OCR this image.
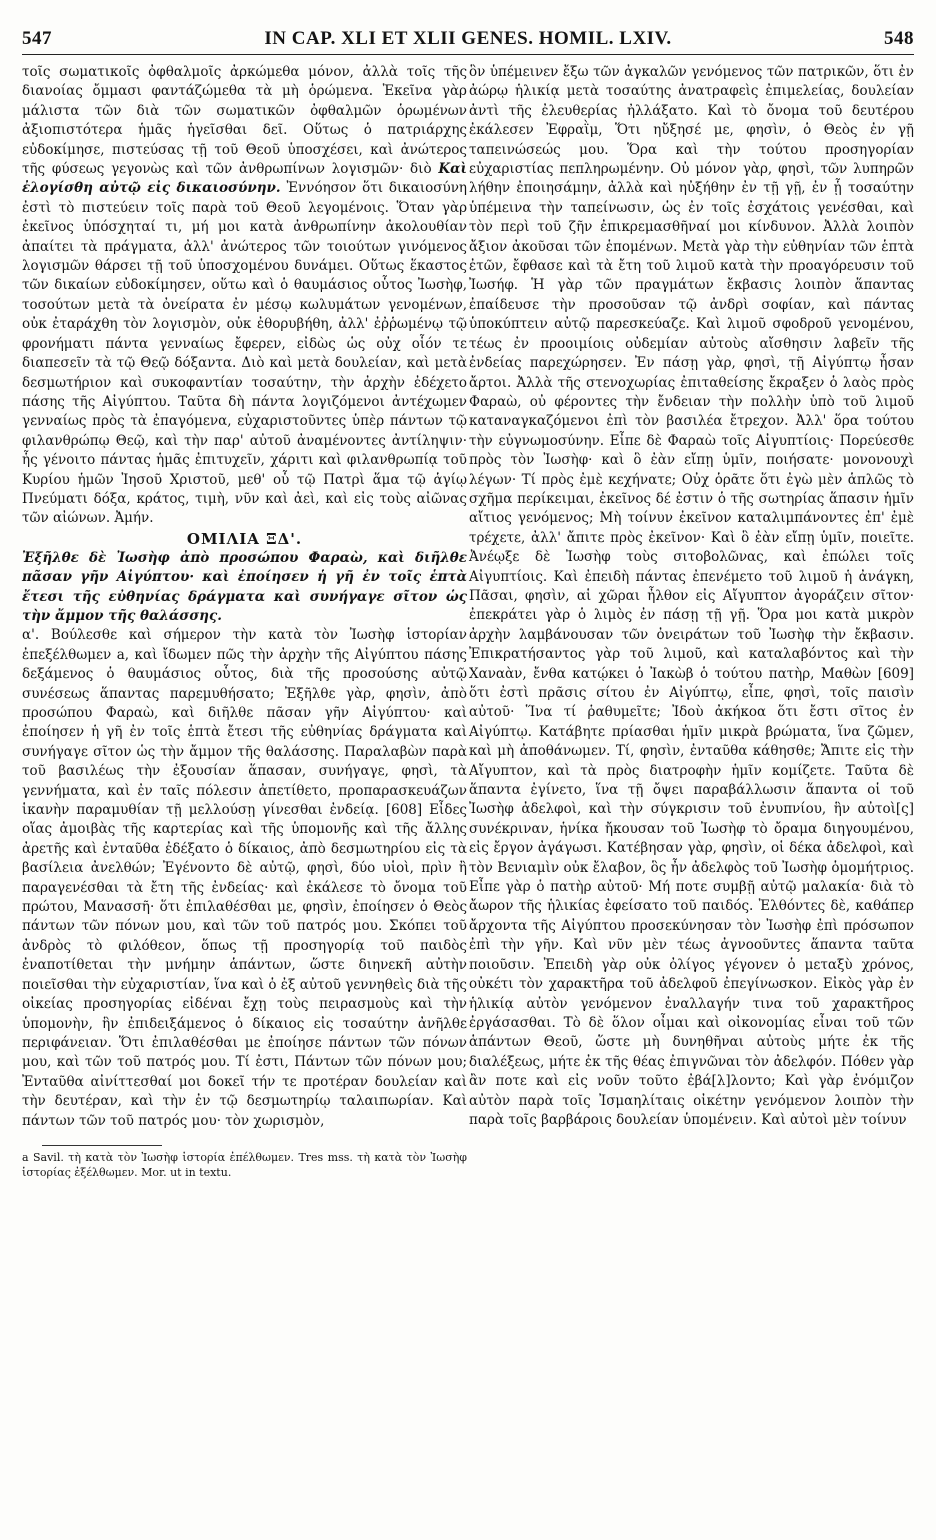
547	IN CAP. XLI ET XLII GENES. HOMIL. LXIV.	548

τοῖς σωματικοῖς ὀφθαλμοῖς ἀρκώμεθα μόνον, ἀλλὰ τοῖς τῆς διανοίας ὄμμασι φαντάζώμεθα τὰ μὴ ὁρώμενα. Ἐκεῖνα γὰρ μάλιστα τῶν διὰ τῶν σωματικῶν ὀφθαλμῶν ὁρωμένων ἀξιοπιστότερα ἡμᾶς ἡγεῖσθαι δεῖ. Οὕτως ὁ πατριάρχης εὐδοκίμησε, πιστεύσας τῇ τοῦ Θεοῦ ὑποσχέσει, καὶ ἀνώτερος τῆς φύσεως γεγονὼς καὶ τῶν ἀνθρωπίνων λογισμῶν· διὸ Καὶ ἐλογίσθη αὐτῷ εἰς δικαιοσύνην. Ἐννόησον ὅτι δικαιοσύνη ἐστὶ τὸ πιστεύειν τοῖς παρὰ τοῦ Θεοῦ λεγομένοις. Ὅταν γὰρ ἐκεῖνος ὑπόσχηταί τι, μή μοι κατὰ ἀνθρωπίνην ἀκολουθίαν ἀπαίτει τὰ πράγματα, ἀλλ' ἀνώτερος τῶν τοιούτων γινόμενος λογισμῶν θάρσει τῇ τοῦ ὑποσχομένου δυνάμει. Οὕτως ἕκαστος τῶν δικαίων εὐδοκίμησεν, οὕτω καὶ ὁ θαυμάσιος οὗτος Ἰωσὴφ, τοσούτων μετὰ τὰ ὀνείρατα ἐν μέσῳ κωλυμάτων γενομένων, οὐκ ἐταράχθη τὸν λογισμὸν, οὐκ ἐθορυβήθη, ἀλλ' ἐῤῥωμένῳ τῷ φρονήματι πάντα γενναίως ἔφερεν, εἰδὼς ὡς οὐχ οἷόν τε διαπεσεῖν τὰ τῷ Θεῷ δόξαντα. Διὸ καὶ μετὰ δουλείαν, καὶ μετὰ δεσμωτήριον καὶ συκοφαντίαν τοσαύτην, τὴν ἀρχὴν ἐδέχετο πάσης τῆς Αἰγύπτου. Ταῦτα δὴ πάντα λογιζόμενοι ἀντέχωμεν γενναίως πρὸς τὰ ἐπαγόμενα, εὐχαριστοῦντες ὑπὲρ πάντων τῷ φιλανθρώπῳ Θεῷ, καὶ τὴν παρ' αὐτοῦ ἀναμένοντες ἀντίληψιν· ἧς γένοιτο πάντας ἡμᾶς ἐπιτυχεῖν, χάριτι καὶ φιλανθρωπίᾳ τοῦ Κυρίου ἡμῶν Ἰησοῦ Χριστοῦ, μεθ' οὗ τῷ Πατρὶ ἅμα τῷ ἁγίῳ Πνεύματι δόξα, κράτος, τιμὴ, νῦν καὶ ἀεὶ, καὶ εἰς τοὺς αἰῶνας τῶν αἰώνων. Ἀμήν.

ΟΜΙΛΙΑ ΞΔ'.

Ἐξῆλθε δὲ Ἰωσὴφ ἀπὸ προσώπου Φαραὼ, καὶ διῆλθε πᾶσαν γῆν Αἰγύπτου· καὶ ἐποίησεν ἡ γῆ ἐν τοῖς ἑπτὰ ἔτεσι τῆς εὐθηνίας δράγματα καὶ συνήγαγε σῖτον ὡς τὴν ἄμμον τῆς θαλάσσης.

α'. Βούλεσθε καὶ σήμερον τὴν κατὰ τὸν Ἰωσὴφ ἱστορίαν ἐπεξέλθωμεν a, καὶ ἴδωμεν πῶς τὴν ἀρχὴν τῆς Αἰγύπτου πάσης δεξάμενος ὁ θαυμάσιος οὗτος, διὰ τῆς προσούσης αὐτῷ συνέσεως ἅπαντας παρεμυθήσατο; Ἐξῆλθε γὰρ, φησὶν, ἀπὸ προσώπου Φαραὼ, καὶ διῆλθε πᾶσαν γῆν Αἰγύπτου· καὶ ἐποίησεν ἡ γῆ ἐν τοῖς ἑπτὰ ἔτεσι τῆς εὐθηνίας δράγματα καὶ συνήγαγε σῖτον ὡς τὴν ἄμμον τῆς θαλάσσης. Παραλαβὼν παρὰ τοῦ βασιλέως τὴν ἐξουσίαν ἅπασαν, συνήγαγε, φησὶ, τὰ γεννήματα, καὶ ἐν ταῖς πόλεσιν ἀπετίθετο, προπαρασκευάζων ἱκανὴν παραμυθίαν τῇ μελλούσῃ γίνεσθαι ἐνδείᾳ. [608] Εἶδες οἵας ἀμοιβὰς τῆς καρτερίας καὶ τῆς ὑπομονῆς καὶ τῆς ἄλλης ἀρετῆς καὶ ἐνταῦθα ἐδέξατο ὁ δίκαιος, ἀπὸ δεσμωτηρίου εἰς τὰ βασίλεια ἀνελθών; Ἐγένοντο δὲ αὐτῷ, φησὶ, δύο υἱοὶ, πρὶν ἢ παραγενέσθαι τὰ ἔτη τῆς ἐνδείας· καὶ ἐκάλεσε τὸ ὄνομα τοῦ πρώτου, Μανασσῆ· ὅτι ἐπιλαθέσθαι με, φησὶν, ἐποίησεν ὁ Θεὸς πάντων τῶν πόνων μου, καὶ τῶν τοῦ πατρός μου. Σκόπει τοῦ ἀνδρὸς τὸ φιλόθεον, ὅπως τῇ προσηγορίᾳ τοῦ παιδὸς ἐναποτίθεται τὴν μνήμην ἁπάντων, ὥστε διηνεκῆ αὐτὴν ποιεῖσθαι τὴν εὐχαριστίαν, ἵνα καὶ ὁ ἐξ αὐτοῦ γεννηθεὶς διὰ τῆς οἰκείας προσηγορίας εἰδέναι ἔχῃ τοὺς πειρασμοὺς καὶ τὴν ὑπομονὴν, ἣν ἐπιδειξάμενος ὁ δίκαιος εἰς τοσαύτην ἀνῆλθε περιφάνειαν. Ὅτι ἐπιλαθέσθαι με ἐποίησε πάντων τῶν πόνων μου, καὶ τῶν τοῦ πατρός μου. Τί ἐστι, Πάντων τῶν πόνων μου; Ἐνταῦθα αἰνίττεσθαί μοι δοκεῖ τήν τε προτέραν δουλείαν καὶ τὴν δευτέραν, καὶ τὴν ἐν τῷ δεσμωτηρίῳ ταλαιπωρίαν. Καὶ πάντων τῶν τοῦ πατρός μου· τὸν χωρισμὸν,

a Savil. τὴ κατὰ τὸν Ἰωσὴφ ἱστορία ἐπέλθωμεν. Tres mss. τὴ κατὰ τὸν Ἰωσὴφ ἱστορίας ἐξέλθωμεν. Mor. ut in textu.

ὃν ὑπέμεινεν ἔξω τῶν ἀγκαλῶν γενόμενος τῶν πατρικῶν, ὅτι ἐν ἀώρῳ ἡλικίᾳ μετὰ τοσαύτης ἀνατραφεὶς ἐπιμελείας, δουλείαν ἀντὶ τῆς ἐλευθερίας ἠλλάξατο. Καὶ τὸ ὄνομα τοῦ δευτέρου ἐκάλεσεν Ἐφραῒμ, Ὅτι ηὔξησέ με, φησὶν, ὁ Θεὸς ἐν γῇ ταπεινώσεώς μου. Ὅρα καὶ τὴν τούτου προσηγορίαν εὐχαριστίας πεπληρωμένην. Οὐ μόνον γὰρ, φησὶ, τῶν λυπηρῶν λήθην ἐποιησάμην, ἀλλὰ καὶ ηὐξήθην ἐν τῇ γῇ, ἐν ᾗ τοσαύτην ὑπέμεινα τὴν ταπείνωσιν, ὡς ἐν τοῖς ἐσχάτοις γενέσθαι, καὶ τὸν περὶ τοῦ ζῆν ἐπικρεμασθῆναί μοι κίνδυνον. Ἀλλὰ λοιπὸν ἄξιον ἀκοῦσαι τῶν ἑπομένων. Μετὰ γὰρ τὴν εὐθηνίαν τῶν ἑπτὰ ἐτῶν, ἔφθασε καὶ τὰ ἔτη τοῦ λιμοῦ κατὰ τὴν προαγόρευσιν τοῦ Ἰωσήφ. Ἡ γὰρ τῶν πραγμάτων ἔκβασις λοιπὸν ἅπαντας ἐπαίδευσε τὴν προσοῦσαν τῷ ἀνδρὶ σοφίαν, καὶ πάντας ὑποκύπτειν αὐτῷ παρεσκεύαζε. Καὶ λιμοῦ σφοδροῦ γενομένου, τέως ἐν προοιμίοις οὐδεμίαν αὐτοὺς αἴσθησιν λαβεῖν τῆς ἐνδείας παρεχώρησεν. Ἐν πάσῃ γὰρ, φησὶ, τῇ Αἰγύπτῳ ἦσαν ἄρτοι. Ἀλλὰ τῆς στενοχωρίας ἐπιταθείσης ἔκραξεν ὁ λαὸς πρὸς Φαραὼ, οὐ φέροντες τὴν ἔνδειαν τὴν πολλὴν ὑπὸ τοῦ λιμοῦ καταναγκαζόμενοι ἐπὶ τὸν βασιλέα ἔτρεχον. Ἀλλ' ὅρα τούτου τὴν εὐγνωμοσύνην. Εἶπε δὲ Φαραὼ τοῖς Αἰγυπτίοις· Πορεύεσθε πρὸς τὸν Ἰωσὴφ· καὶ ὃ ἐὰν εἴπῃ ὑμῖν, ποιήσατε· μονονουχὶ λέγων· Τί πρὸς ἐμὲ κεχήνατε; Οὐχ ὁρᾶτε ὅτι ἐγὼ μὲν ἁπλῶς τὸ σχῆμα περίκειμαι, ἐκεῖνος δέ ἐστιν ὁ τῆς σωτηρίας ἅπασιν ἡμῖν αἴτιος γενόμενος; Μὴ τοίνυν ἐκεῖνον καταλιμπάνοντες ἐπ' ἐμὲ τρέχετε, ἀλλ' ἄπιτε πρὸς ἐκεῖνον· Καὶ ὃ ἐὰν εἴπῃ ὑμῖν, ποιεῖτε. Ἀνέῳξε δὲ Ἰωσὴφ τοὺς σιτοβολῶνας, καὶ ἐπώλει τοῖς Αἰγυπτίοις. Καὶ ἐπειδὴ πάντας ἐπενέμετο τοῦ λιμοῦ ἡ ἀνάγκη, Πᾶσαι, φησὶν, αἱ χῶραι ἦλθον εἰς Αἴγυπτον ἀγοράζειν σῖτον· ἐπεκράτει γὰρ ὁ λιμὸς ἐν πάσῃ τῇ γῇ. Ὅρα μοι κατὰ μικρὸν ἀρχὴν λαμβάνουσαν τῶν ὀνειράτων τοῦ Ἰωσὴφ τὴν ἔκβασιν. Ἐπικρατήσαντος γὰρ τοῦ λιμοῦ, καὶ καταλαβόντος καὶ τὴν Χαναὰν, ἔνθα κατῴκει ὁ Ἰακὼβ ὁ τούτου πατὴρ, Μαθὼν [609] ὅτι ἐστὶ πρᾶσις σίτου ἐν Αἰγύπτῳ, εἶπε, φησὶ, τοῖς παισὶν αὐτοῦ· Ἵνα τί ῥαθυμεῖτε; Ἰδοὺ ἀκήκοα ὅτι ἔστι σῖτος ἐν Αἰγύπτῳ. Κατάβητε πρίασθαι ἡμῖν μικρὰ βρώματα, ἵνα ζῶμεν, καὶ μὴ ἀποθάνωμεν. Τί, φησὶν, ἐνταῦθα κάθησθε; Ἄπιτε εἰς τὴν Αἴγυπτον, καὶ τὰ πρὸς διατροφὴν ἡμῖν κομίζετε. Ταῦτα δὲ ἅπαντα ἐγίνετο, ἵνα τῇ ὄψει παραβάλλωσιν ἅπαντα οἱ τοῦ Ἰωσὴφ ἀδελφοὶ, καὶ τὴν σύγκρισιν τοῦ ἐνυπνίου, ἣν αὐτοὶ[ς] συνέκριναν, ἡνίκα ἤκουσαν τοῦ Ἰωσὴφ τὸ ὄραμα διηγουμένου, εἰς ἔργον ἀγάγωσι. Κατέβησαν γὰρ, φησὶν, οἱ δέκα ἀδελφοὶ, καὶ τὸν Βενιαμὶν οὐκ ἔλαβον, ὃς ἦν ἀδελφὸς τοῦ Ἰωσὴφ ὁμομήτριος. Εἶπε γὰρ ὁ πατὴρ αὐτοῦ· Μή ποτε συμβῇ αὐτῷ μαλακία· διὰ τὸ ἄωρον τῆς ἡλικίας ἐφείσατο τοῦ παιδός. Ἐλθόντες δὲ, καθάπερ ἄρχοντα τῆς Αἰγύπτου προσεκύνησαν τὸν Ἰωσὴφ ἐπὶ πρόσωπον ἐπὶ τὴν γῆν. Καὶ νῦν μὲν τέως ἀγνοοῦντες ἅπαντα ταῦτα ποιοῦσιν. Ἐπειδὴ γὰρ οὐκ ὀλίγος γέγονεν ὁ μεταξὺ χρόνος, οὐκέτι τὸν χαρακτῆρα τοῦ ἀδελφοῦ ἐπεγίνωσκον. Εἰκὸς γὰρ ἐν ἡλικίᾳ αὐτὸν γενόμενον ἐναλλαγήν τινα τοῦ χαρακτῆρος ἐργάσασθαι. Τὸ δὲ ὅλον οἶμαι καὶ οἰκονομίας εἶναι τοῦ τῶν ἁπάντων Θεοῦ, ὥστε μὴ δυνηθῆναι αὐτοὺς μήτε ἐκ τῆς διαλέξεως, μήτε ἐκ τῆς θέας ἐπιγνῶναι τὸν ἀδελφόν. Πόθεν γὰρ ἂν ποτε καὶ εἰς νοῦν τοῦτο ἐβά[λ]λοντο; Καὶ γὰρ ἐνόμιζον αὐτὸν παρὰ τοῖς Ἰσμαηλίταις οἰκέτην γενόμενον λοιπὸν τὴν παρὰ τοῖς βαρβάροις δουλείαν ὑπομένειν. Καὶ αὐτοὶ μὲν τοίνυν
